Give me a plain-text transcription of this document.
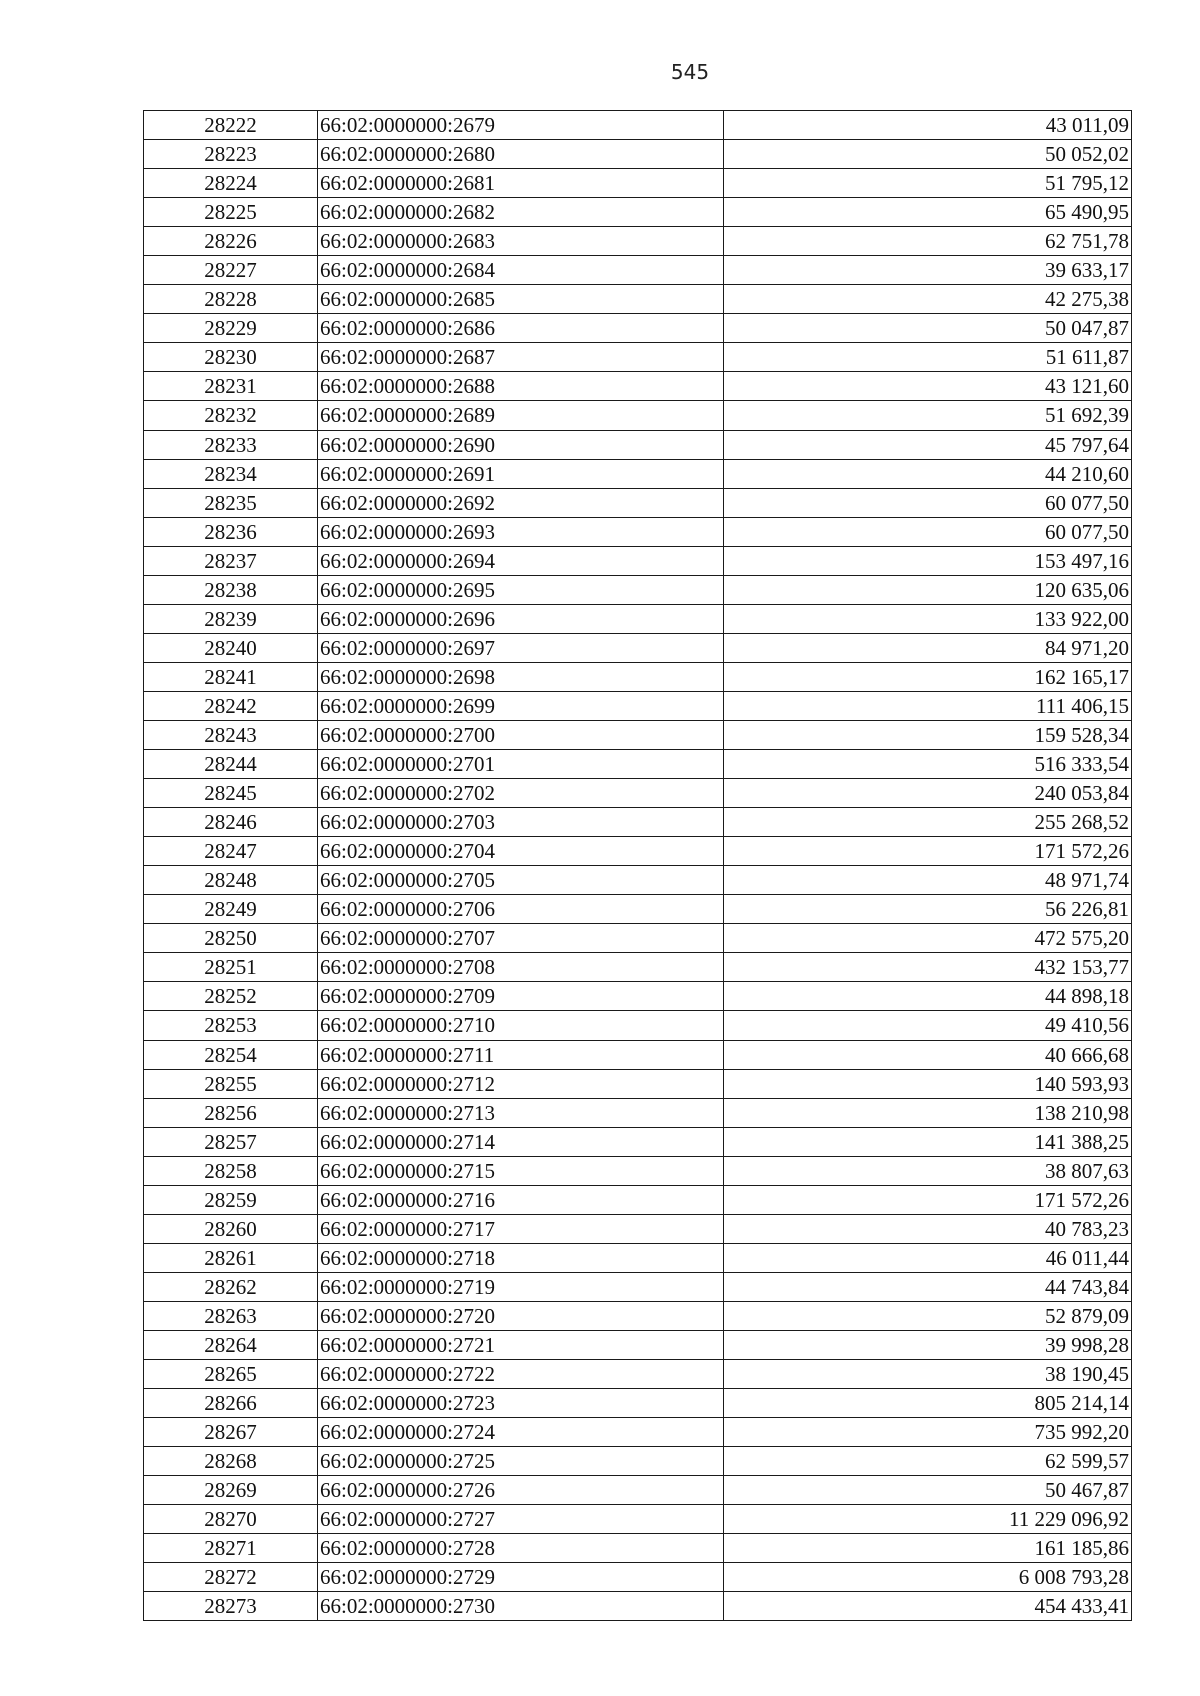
545
28222	66:02:0000000:2679	43 011,09
28223	66:02:0000000:2680	50 052,02
28224	66:02:0000000:2681	51 795,12
28225	66:02:0000000:2682	65 490,95
28226	66:02:0000000:2683	62 751,78
28227	66:02:0000000:2684	39 633,17
28228	66:02:0000000:2685	42 275,38
28229	66:02:0000000:2686	50 047,87
28230	66:02:0000000:2687	51 611,87
28231	66:02:0000000:2688	43 121,60
28232	66:02:0000000:2689	51 692,39
28233	66:02:0000000:2690	45 797,64
28234	66:02:0000000:2691	44 210,60
28235	66:02:0000000:2692	60 077,50
28236	66:02:0000000:2693	60 077,50
28237	66:02:0000000:2694	153 497,16
28238	66:02:0000000:2695	120 635,06
28239	66:02:0000000:2696	133 922,00
28240	66:02:0000000:2697	84 971,20
28241	66:02:0000000:2698	162 165,17
28242	66:02:0000000:2699	111 406,15
28243	66:02:0000000:2700	159 528,34
28244	66:02:0000000:2701	516 333,54
28245	66:02:0000000:2702	240 053,84
28246	66:02:0000000:2703	255 268,52
28247	66:02:0000000:2704	171 572,26
28248	66:02:0000000:2705	48 971,74
28249	66:02:0000000:2706	56 226,81
28250	66:02:0000000:2707	472 575,20
28251	66:02:0000000:2708	432 153,77
28252	66:02:0000000:2709	44 898,18
28253	66:02:0000000:2710	49 410,56
28254	66:02:0000000:2711	40 666,68
28255	66:02:0000000:2712	140 593,93
28256	66:02:0000000:2713	138 210,98
28257	66:02:0000000:2714	141 388,25
28258	66:02:0000000:2715	38 807,63
28259	66:02:0000000:2716	171 572,26
28260	66:02:0000000:2717	40 783,23
28261	66:02:0000000:2718	46 011,44
28262	66:02:0000000:2719	44 743,84
28263	66:02:0000000:2720	52 879,09
28264	66:02:0000000:2721	39 998,28
28265	66:02:0000000:2722	38 190,45
28266	66:02:0000000:2723	805 214,14
28267	66:02:0000000:2724	735 992,20
28268	66:02:0000000:2725	62 599,57
28269	66:02:0000000:2726	50 467,87
28270	66:02:0000000:2727	11 229 096,92
28271	66:02:0000000:2728	161 185,86
28272	66:02:0000000:2729	6 008 793,28
28273	66:02:0000000:2730	454 433,41
